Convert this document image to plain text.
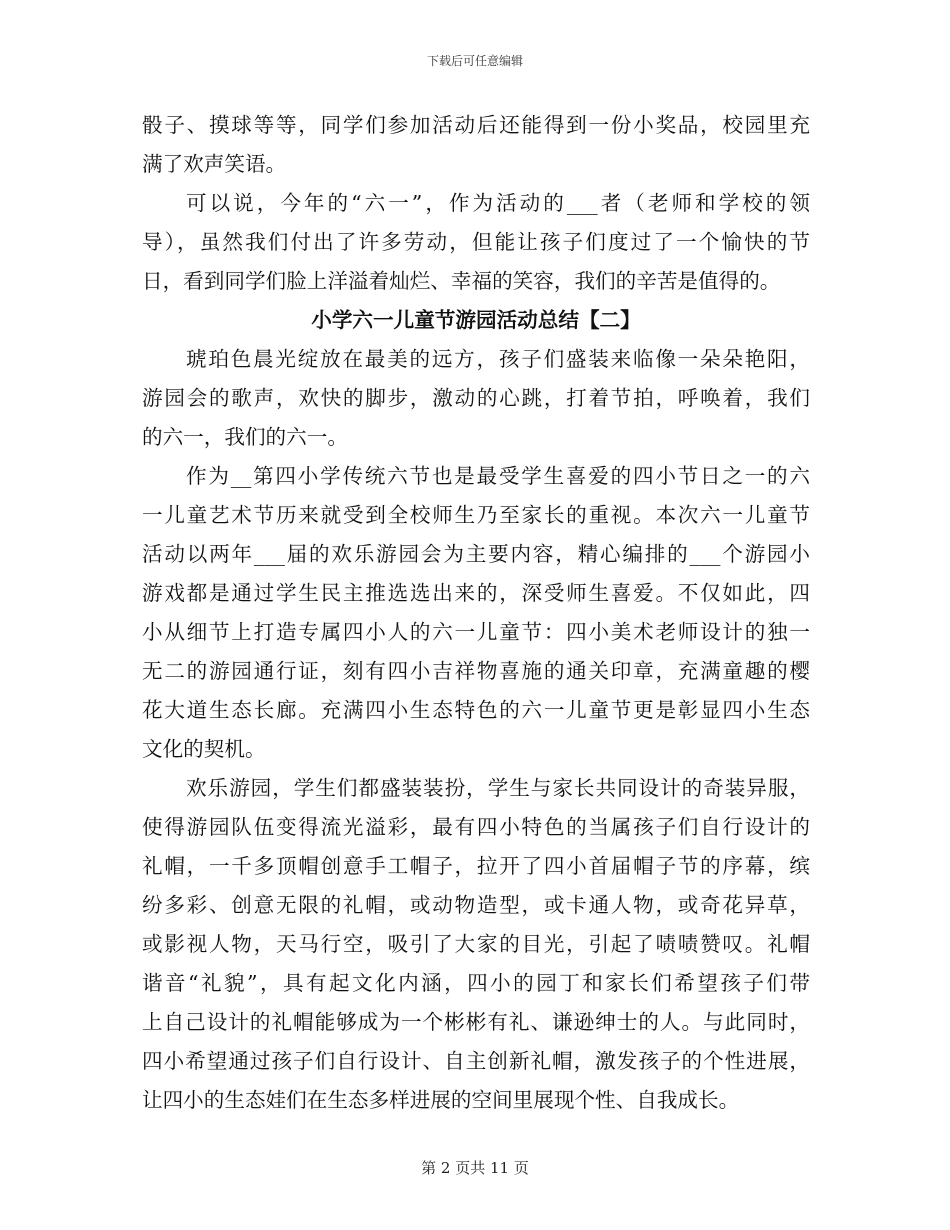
下载后可任意编辑
骰子、摸球等等，同学们参加活动后还能得到一份小奖品，校园里充
满了欢声笑语。
可以说，今年的“六一”，作为活动的___者（老师和学校的领
导），虽然我们付出了许多劳动，但能让孩子们度过了一个愉快的节
日，看到同学们脸上洋溢着灿烂、幸福的笑容，我们的辛苦是值得的。
小学六一儿童节游园活动总结【二】
琥珀色晨光绽放在最美的远方，孩子们盛装来临像一朵朵艳阳，
游园会的歌声，欢快的脚步，激动的心跳，打着节拍，呼唤着，我们
的六一，我们的六一。
作为__第四小学传统六节也是最受学生喜爱的四小节日之一的六
一儿童艺术节历来就受到全校师生乃至家长的重视。本次六一儿童节
活动以两年___届的欢乐游园会为主要内容，精心编排的___个游园小
游戏都是通过学生民主推选选出来的，深受师生喜爱。不仅如此，四
小从细节上打造专属四小人的六一儿童节：四小美术老师设计的独一
无二的游园通行证，刻有四小吉祥物喜施的通关印章，充满童趣的樱
花大道生态长廊。充满四小生态特色的六一儿童节更是彰显四小生态
文化的契机。
欢乐游园，学生们都盛装装扮，学生与家长共同设计的奇装异服，
使得游园队伍变得流光溢彩，最有四小特色的当属孩子们自行设计的
礼帽，一千多顶帽创意手工帽子，拉开了四小首届帽子节的序幕，缤
纷多彩、创意无限的礼帽，或动物造型，或卡通人物，或奇花异草，
或影视人物，天马行空，吸引了大家的目光，引起了啧啧赞叹。礼帽
谐音“礼貌”，具有起文化内涵，四小的园丁和家长们希望孩子们带
上自己设计的礼帽能够成为一个彬彬有礼、谦逊绅士的人。与此同时，
四小希望通过孩子们自行设计、自主创新礼帽，激发孩子的个性进展，
让四小的生态娃们在生态多样进展的空间里展现个性、自我成长。
第 2 页共 11 页
